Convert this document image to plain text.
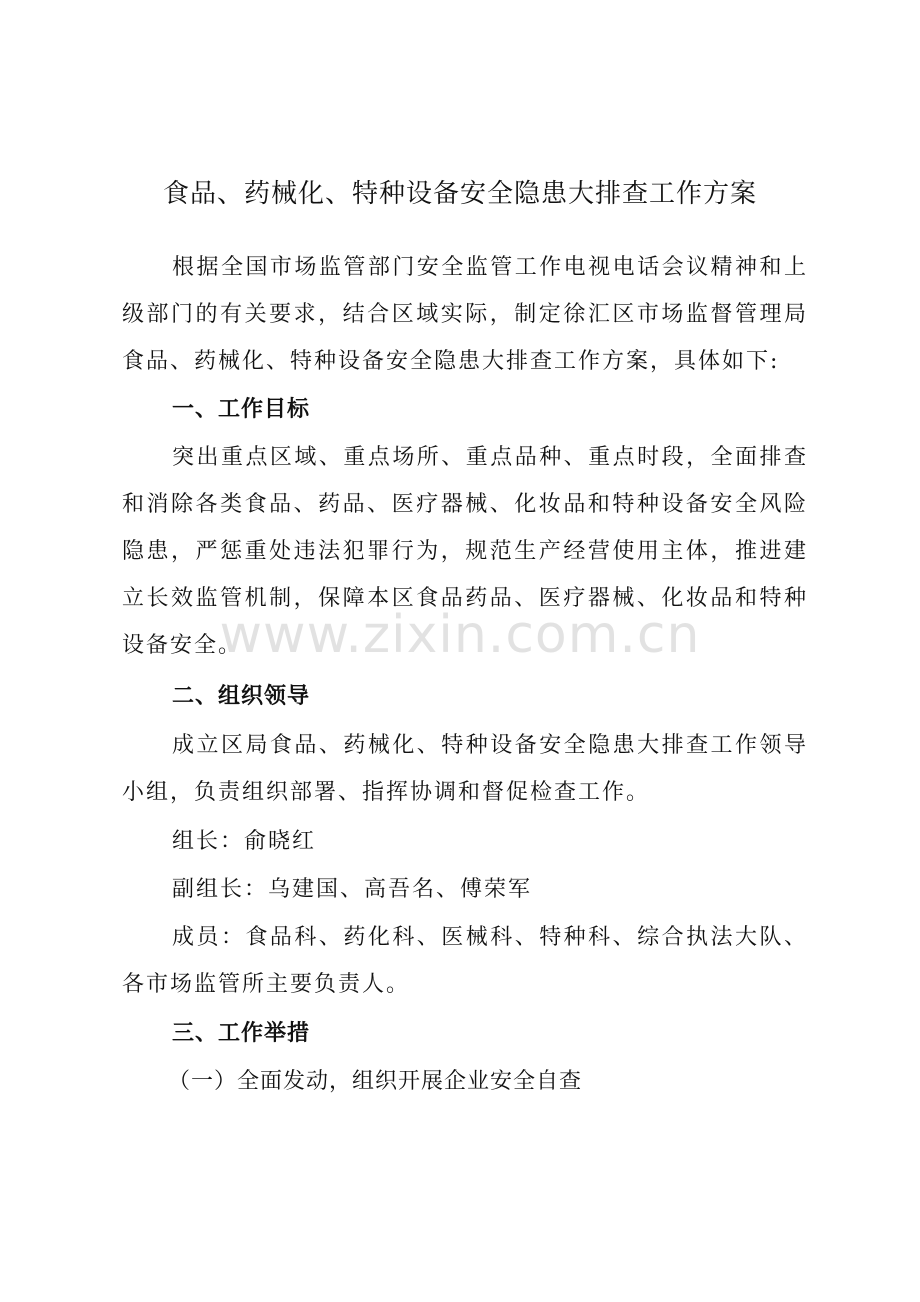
食品、药械化、特种设备安全隐患大排查工作方案

根据全国市场监管部门安全监管工作电视电话会议精神和上级部门的有关要求，结合区域实际，制定徐汇区市场监督管理局食品、药械化、特种设备安全隐患大排查工作方案，具体如下:

一、工作目标

突出重点区域、重点场所、重点品种、重点时段，全面排查和消除各类食品、药品、医疗器械、化妆品和特种设备安全风险隐患，严惩重处违法犯罪行为，规范生产经营使用主体，推进建立长效监管机制，保障本区食品药品、医疗器械、化妆品和特种设备安全。

二、组织领导

成立区局食品、药械化、特种设备安全隐患大排查工作领导小组，负责组织部署、指挥协调和督促检查工作。

组长：俞晓红

副组长：乌建国、高吾名、傅荣军

成员：食品科、药化科、医械科、特种科、综合执法大队、各市场监管所主要负责人。

三、工作举措

（一）全面发动，组织开展企业安全自查

www.zixin.com.cn
